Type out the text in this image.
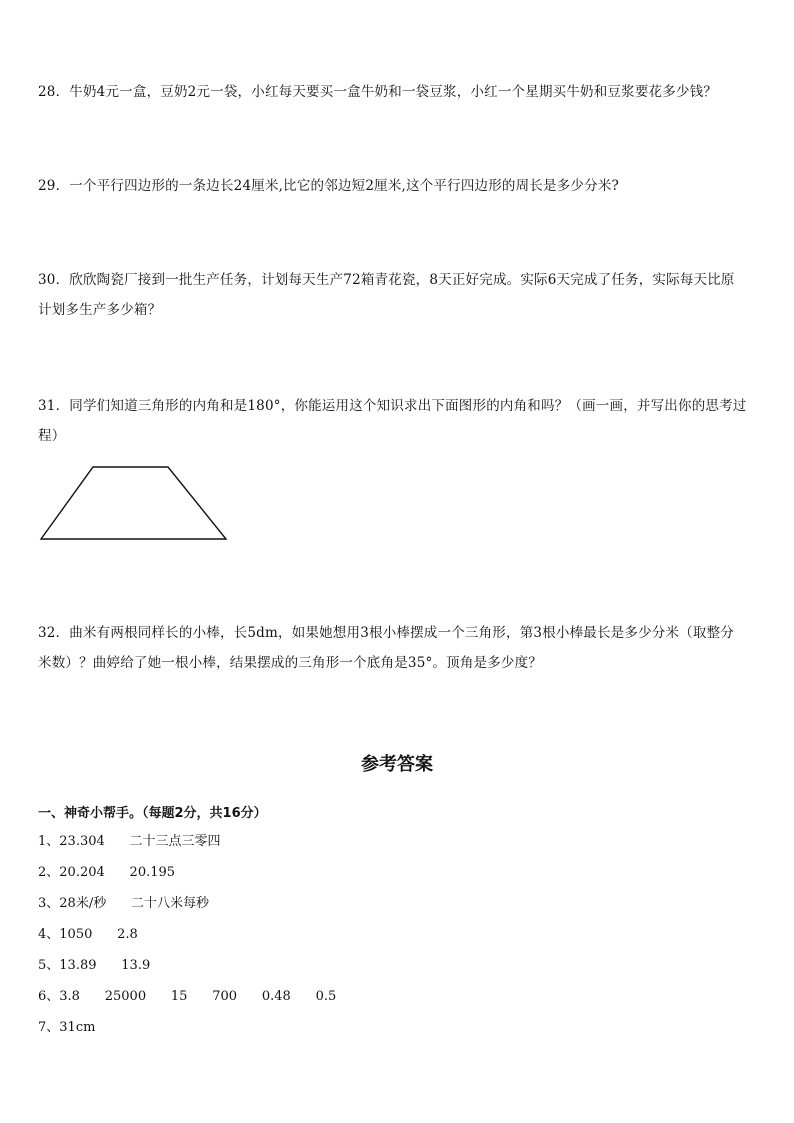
28．牛奶4元一盒，豆奶2元一袋，小红每天要买一盒牛奶和一袋豆浆，小红一个星期买牛奶和豆浆要花多少钱？

29．一个平行四边形的一条边长24厘米,比它的邻边短2厘米,这个平行四边形的周长是多少分米?

30．欣欣陶瓷厂接到一批生产任务，计划每天生产72箱青花瓷，8天正好完成。实际6天完成了任务，实际每天比原

计划多生产多少箱？

31．同学们知道三角形的内角和是180°，你能运用这个知识求出下面图形的内角和吗？（画一画，并写出你的思考过

程）

32．曲米有两根同样长的小棒，长5dm，如果她想用3根小棒摆成一个三角形，第3根小棒最长是多少分米（取整分

米数）？曲婷给了她一根小棒，结果摆成的三角形一个底角是35°。顶角是多少度？

参考答案
一、神奇小帮手。（每题2分，共16分）
1、23.304      二十三点三零四
2、20.204      20.195
3、28米/秒      二十八米每秒
4、1050      2.8
5、13.89      13.9
6、3.8      25000      15      700      0.48      0.5
7、31cm
